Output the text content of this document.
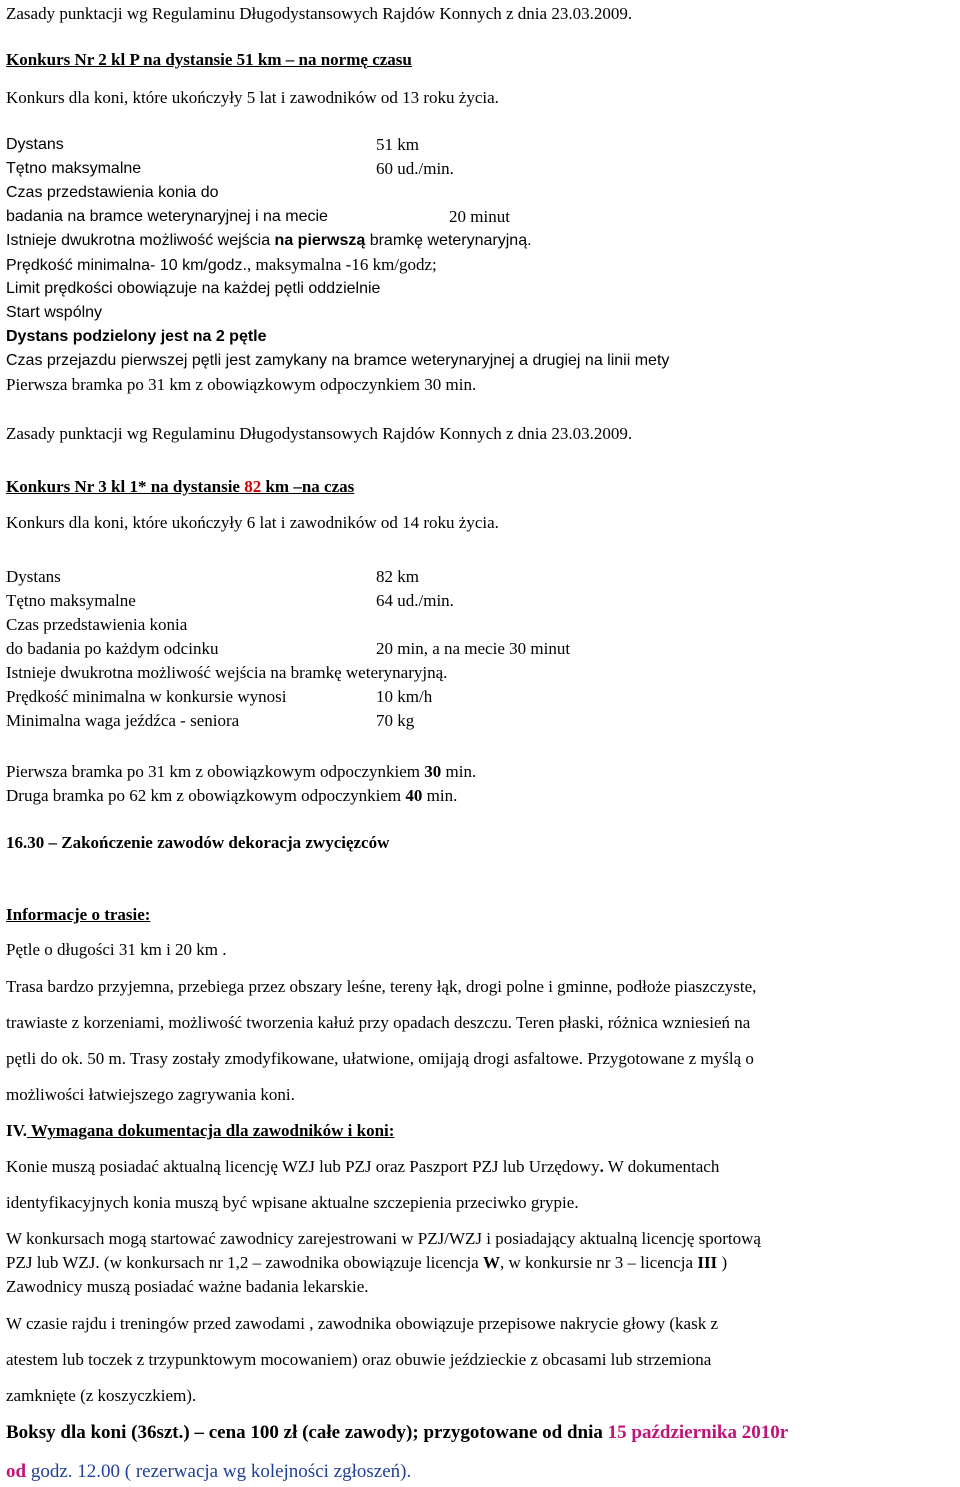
Zasady punktacji wg Regulaminu Długodystansowych Rajdów Konnych z dnia 23.03.2009.
Konkurs Nr 2 kl P na dystansie 51 km – na normę czasu
Konkurs dla koni, które ukończyły 5 lat i zawodników od 13 roku życia.
Dystans	51 km
Tętno maksymalne	60 ud./min.
Czas przedstawienia konia do
badania na bramce weterynaryjnej i na mecie	20 minut
Istnieje dwukrotna możliwość wejścia na pierwszą bramkę weterynaryjną.
Prędkość minimalna- 10 km/godz., maksymalna -16 km/godz;
Limit prędkości obowiązuje na każdej pętli oddzielnie
Start wspólny
Dystans podzielony jest na 2 pętle
Czas przejazdu pierwszej pętli jest zamykany na bramce weterynaryjnej a drugiej na linii mety
Pierwsza bramka po 31 km z obowiązkowym odpoczynkiem 30 min.
Zasady punktacji wg Regulaminu Długodystansowych Rajdów Konnych z dnia 23.03.2009.
Konkurs Nr 3 kl 1* na dystansie 82 km –na czas
Konkurs dla koni, które ukończyły 6 lat i zawodników od 14 roku życia.
Dystans	82 km
Tętno maksymalne	64 ud./min.
Czas przedstawienia konia
do badania po każdym odcinku	20 min, a na mecie 30 minut
Istnieje dwukrotna możliwość wejścia na bramkę weterynaryjną.
Prędkość minimalna w konkursie wynosi	10 km/h
Minimalna waga jeźdźca - seniora	70 kg
Pierwsza bramka po 31 km z obowiązkowym odpoczynkiem 30 min.
Druga bramka po 62 km z obowiązkowym odpoczynkiem 40 min.
16.30 – Zakończenie zawodów dekoracja zwycięzców
Informacje o trasie:
Pętle o długości 31 km i 20 km .
Trasa bardzo przyjemna, przebiega przez obszary leśne, tereny łąk, drogi polne i gminne, podłoże piaszczyste,
trawiaste z korzeniami, możliwość tworzenia kałuż przy opadach deszczu. Teren płaski, różnica wzniesień na
pętli do ok. 50 m. Trasy zostały zmodyfikowane, ułatwione, omijają drogi asfaltowe. Przygotowane z myślą o
możliwości łatwiejszego zagrywania koni.
IV. Wymagana dokumentacja dla zawodników i koni:
Konie muszą posiadać aktualną licencję WZJ lub PZJ oraz Paszport PZJ lub Urzędowy. W dokumentach
identyfikacyjnych konia muszą być wpisane aktualne szczepienia przeciwko grypie.
W konkursach mogą startować zawodnicy zarejestrowani w PZJ/WZJ i posiadający aktualną licencję sportową
PZJ lub WZJ. (w konkursach nr 1,2 – zawodnika obowiązuje licencja W, w konkursie nr 3 – licencja III )
Zawodnicy muszą posiadać ważne badania lekarskie.
W czasie rajdu i treningów przed zawodami , zawodnika obowiązuje przepisowe nakrycie głowy (kask z
atestem lub toczek z trzypunktowym mocowaniem) oraz obuwie jeździeckie z obcasami lub strzemiona
zamknięte (z koszyczkiem).
Boksy dla koni (36szt.) – cena 100 zł (całe zawody); przygotowane od dnia 15 października 2010r
od godz. 12.00 ( rezerwacja wg kolejności zgłoszeń).
